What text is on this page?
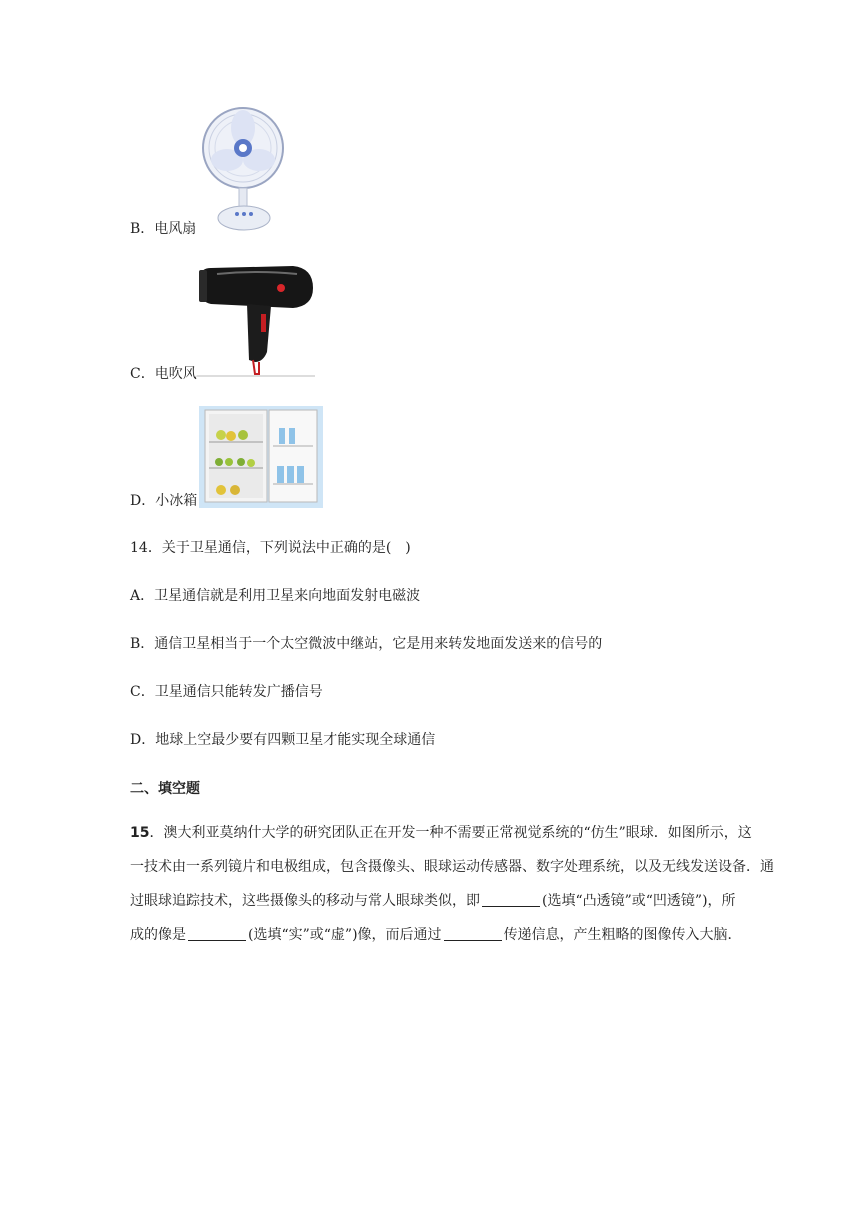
B．电风扇
C．电吹风
D．小冰箱
14．关于卫星通信，下列说法中正确的是(　)
A．卫星通信就是利用卫星来向地面发射电磁波
B．通信卫星相当于一个太空微波中继站，它是用来转发地面发送来的信号的
C．卫星通信只能转发广播信号
D．地球上空最少要有四颗卫星才能实现全球通信
二、填空题
15．澳大利亚莫纳什大学的研究团队正在开发一种不需要正常视觉系统的“仿生”眼球．如图所示，这
一技术由一系列镜片和电极组成，包含摄像头、眼球运动传感器、数字处理系统，以及无线发送设备．通
过眼球追踪技术，这些摄像头的移动与常人眼球类似，即	(选填“凸透镜”或“凹透镜”)，所
成的像是	(选填“实”或“虚”)像，而后通过	传递信息，产生粗略的图像传入大脑．
